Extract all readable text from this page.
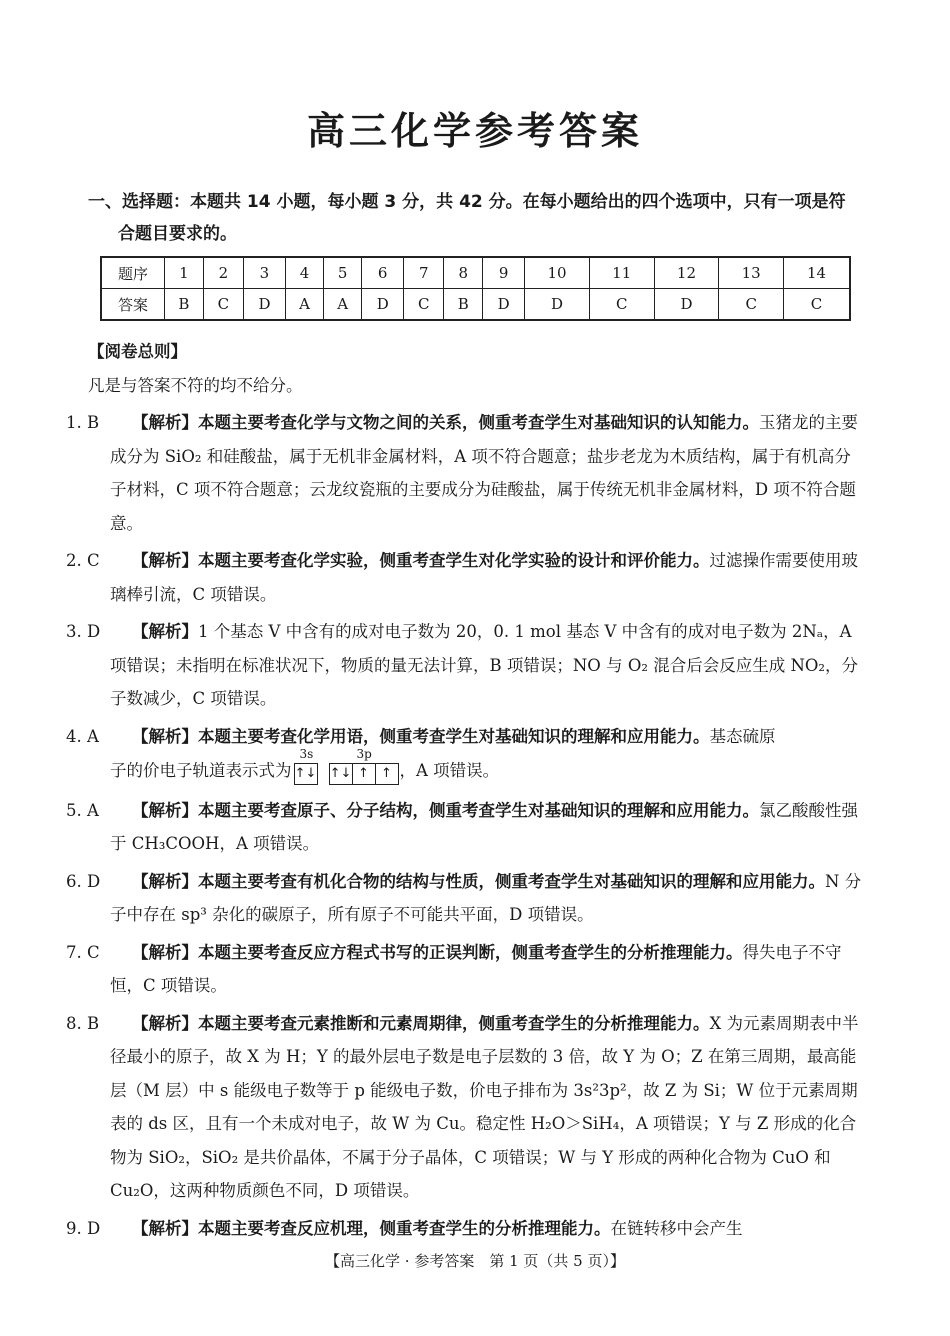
高三化学参考答案
一、选择题：本题共 14 小题，每小题 3 分，共 42 分。在每小题给出的四个选项中，只有一项是符
合题目要求的。
题序	1	2	3	4	5	6	7	8	9	10	11	12	13	14
答案	B	C	D	A	A	D	C	B	D	D	C	D	C	C

【阅卷总则】

凡是与答案不符的均不给分。

1. B 【解析】本题主要考查化学与文物之间的关系，侧重考查学生对基础知识的认知能力。玉猪龙的主要成分为 SiO₂ 和硅酸盐，属于无机非金属材料，A 项不符合题意；盐步老龙为木质结构，属于有机高分子材料，C 项不符合题意；云龙纹瓷瓶的主要成分为硅酸盐，属于传统无机非金属材料，D 项不符合题意。

2. C 【解析】本题主要考查化学实验，侧重考查学生对化学实验的设计和评价能力。过滤操作需要使用玻璃棒引流，C 项错误。

3. D 【解析】1 个基态 V 中含有的成对电子数为 20，0. 1 mol 基态 V 中含有的成对电子数为 2Nₐ，A 项错误；未指明在标准状况下，物质的量无法计算，B 项错误；NO 与 O₂ 混合后会反应生成 NO₂，分子数减少，C 项错误。

4. A 【解析】本题主要考查化学用语，侧重考查学生对基础知识的理解和应用能力。基态硫原

子的价电子轨道表示式为
3s
↑↓
3p
↑↓ ↑ ↑ ，A 项错误。

5. A 【解析】本题主要考查原子、分子结构，侧重考查学生对基础知识的理解和应用能力。氯乙酸酸性强于 CH₃COOH，A 项错误。

6. D 【解析】本题主要考查有机化合物的结构与性质，侧重考查学生对基础知识的理解和应用能力。N 分子中存在 sp³ 杂化的碳原子，所有原子不可能共平面，D 项错误。

7. C 【解析】本题主要考查反应方程式书写的正误判断，侧重考查学生的分析推理能力。得失电子不守恒，C 项错误。

8. B 【解析】本题主要考查元素推断和元素周期律，侧重考查学生的分析推理能力。X 为元素周期表中半径最小的原子，故 X 为 H；Y 的最外层电子数是电子层数的 3 倍，故 Y 为 O；Z 在第三周期，最高能层（M 层）中 s 能级电子数等于 p 能级电子数，价电子排布为 3s²3p²，故 Z 为 Si；W 位于元素周期表的 ds 区，且有一个未成对电子，故 W 为 Cu。稳定性 H₂O＞SiH₄，A 项错误；Y 与 Z 形成的化合物为 SiO₂，SiO₂ 是共价晶体，不属于分子晶体，C 项错误；W 与 Y 形成的两种化合物为 CuO 和 Cu₂O，这两种物质颜色不同，D 项错误。

9. D 【解析】本题主要考查反应机理，侧重考查学生的分析推理能力。在链转移中会产生

【高三化学 · 参考答案　第 1 页（共 5 页）】
